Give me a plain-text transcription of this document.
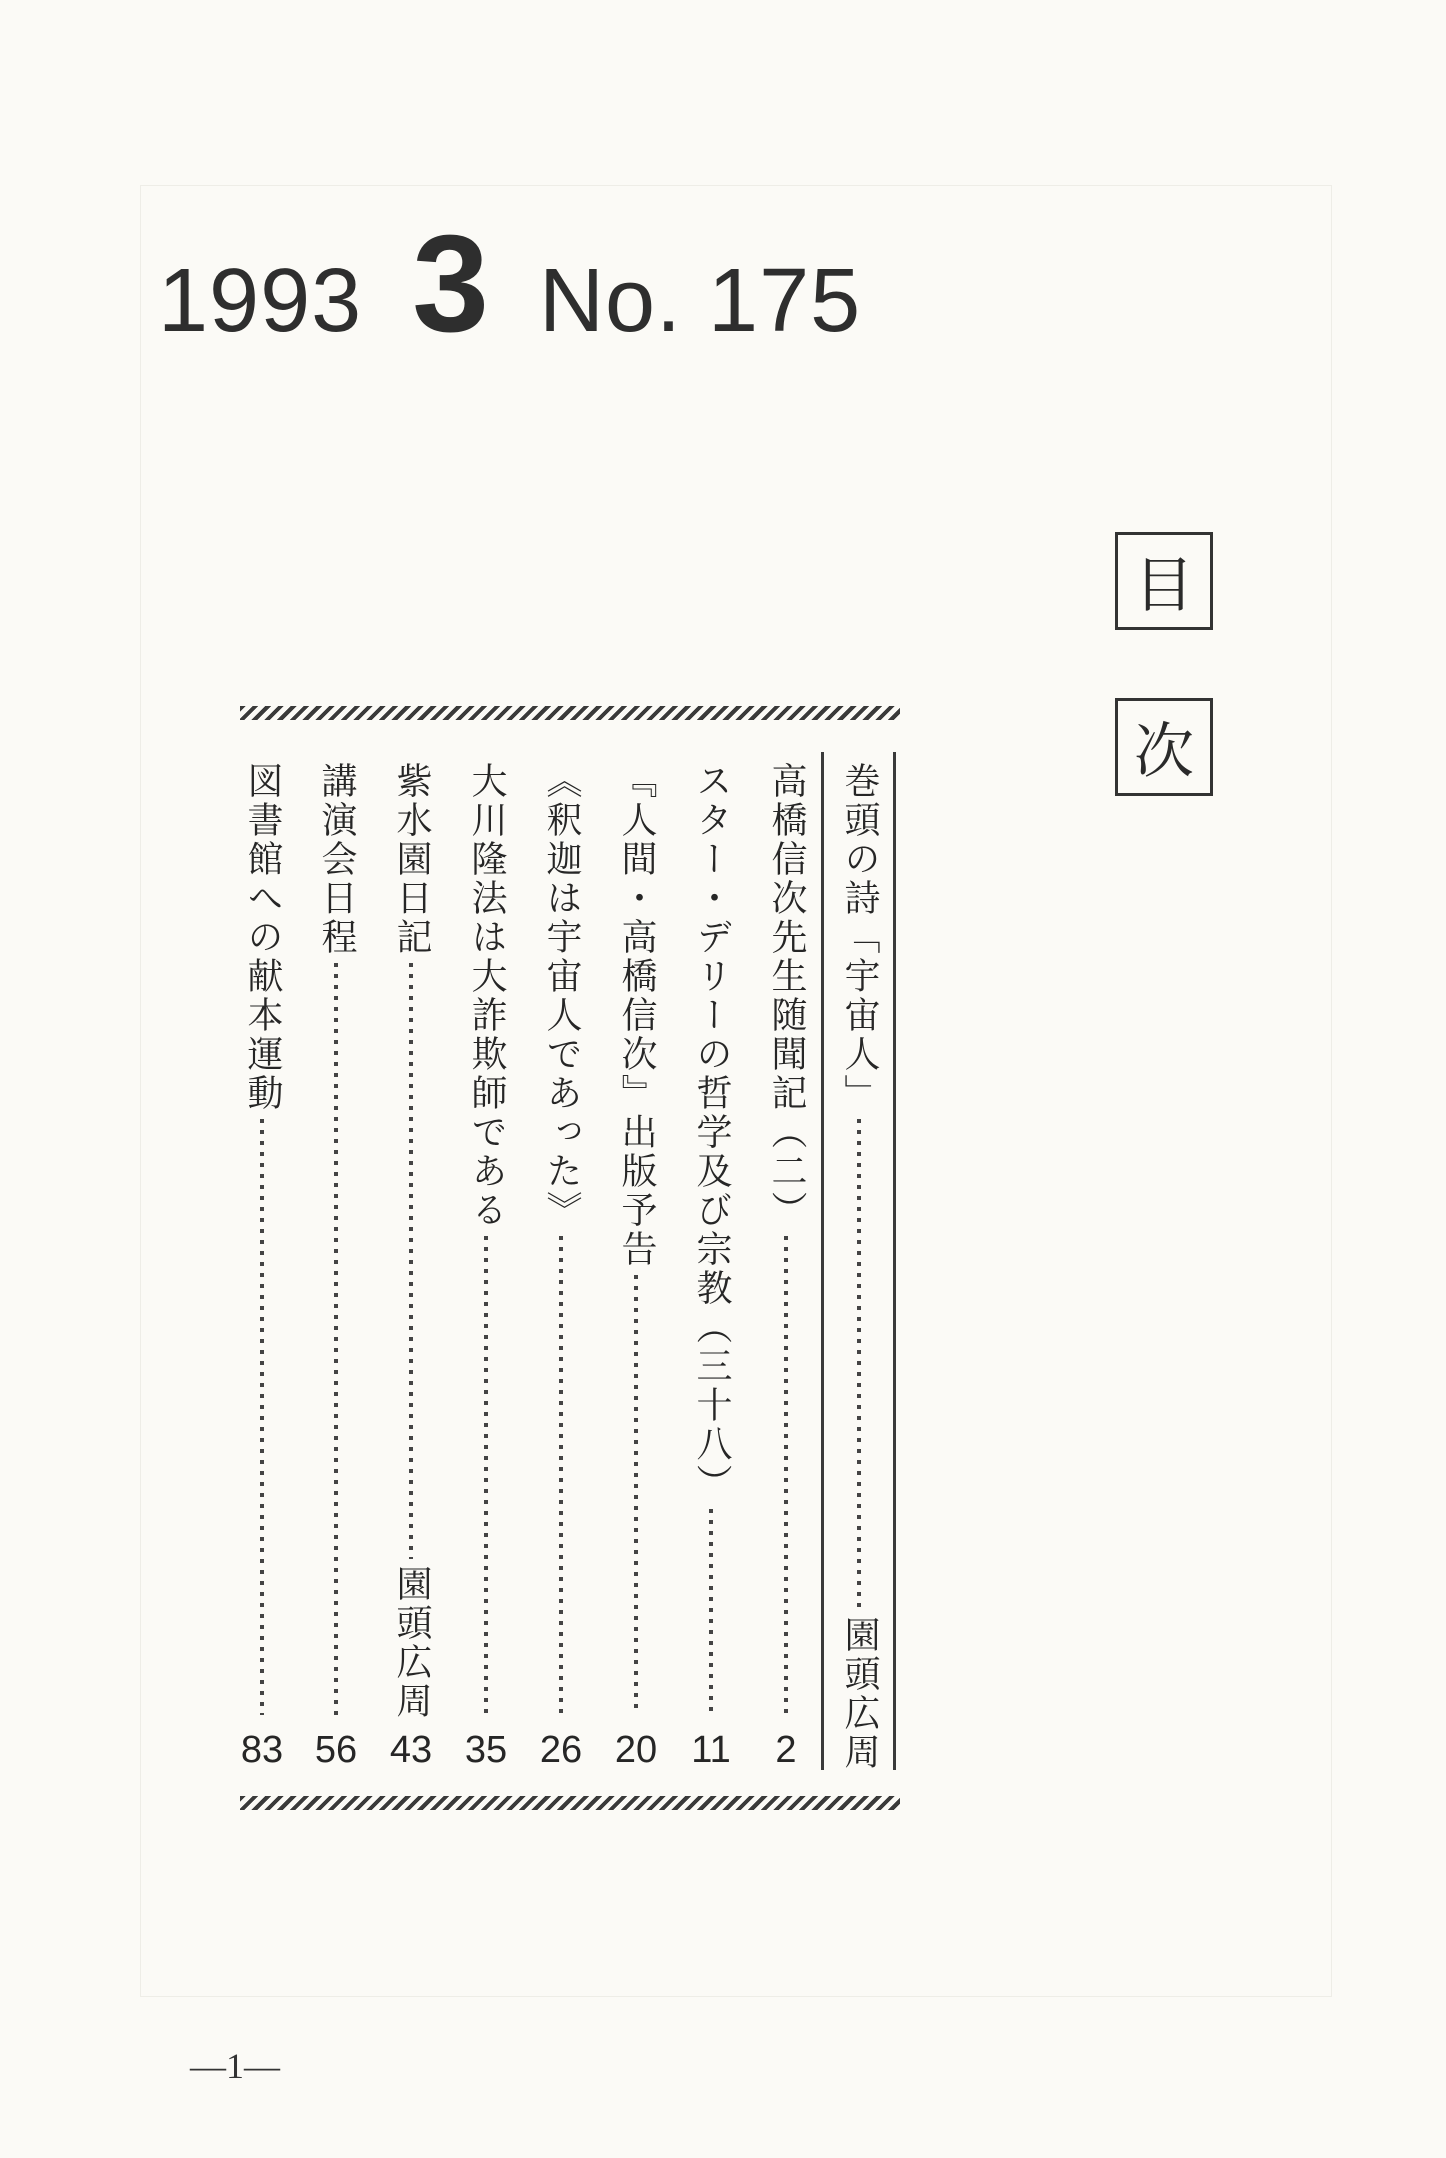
1993 3 No. 175
目
次
巻頭の詩「宇宙人」
園頭広周
高橋信次先生随聞記（二）
2
スター・デリーの哲学及び宗教（三十八）
11
『人間・高橋信次』出版予告
20
《釈迦は宇宙人であった》
26
大川隆法は大詐欺師である
35
紫水園日記
園頭広周
43
講演会日程
56
図書館への献本運動
83
—1—
